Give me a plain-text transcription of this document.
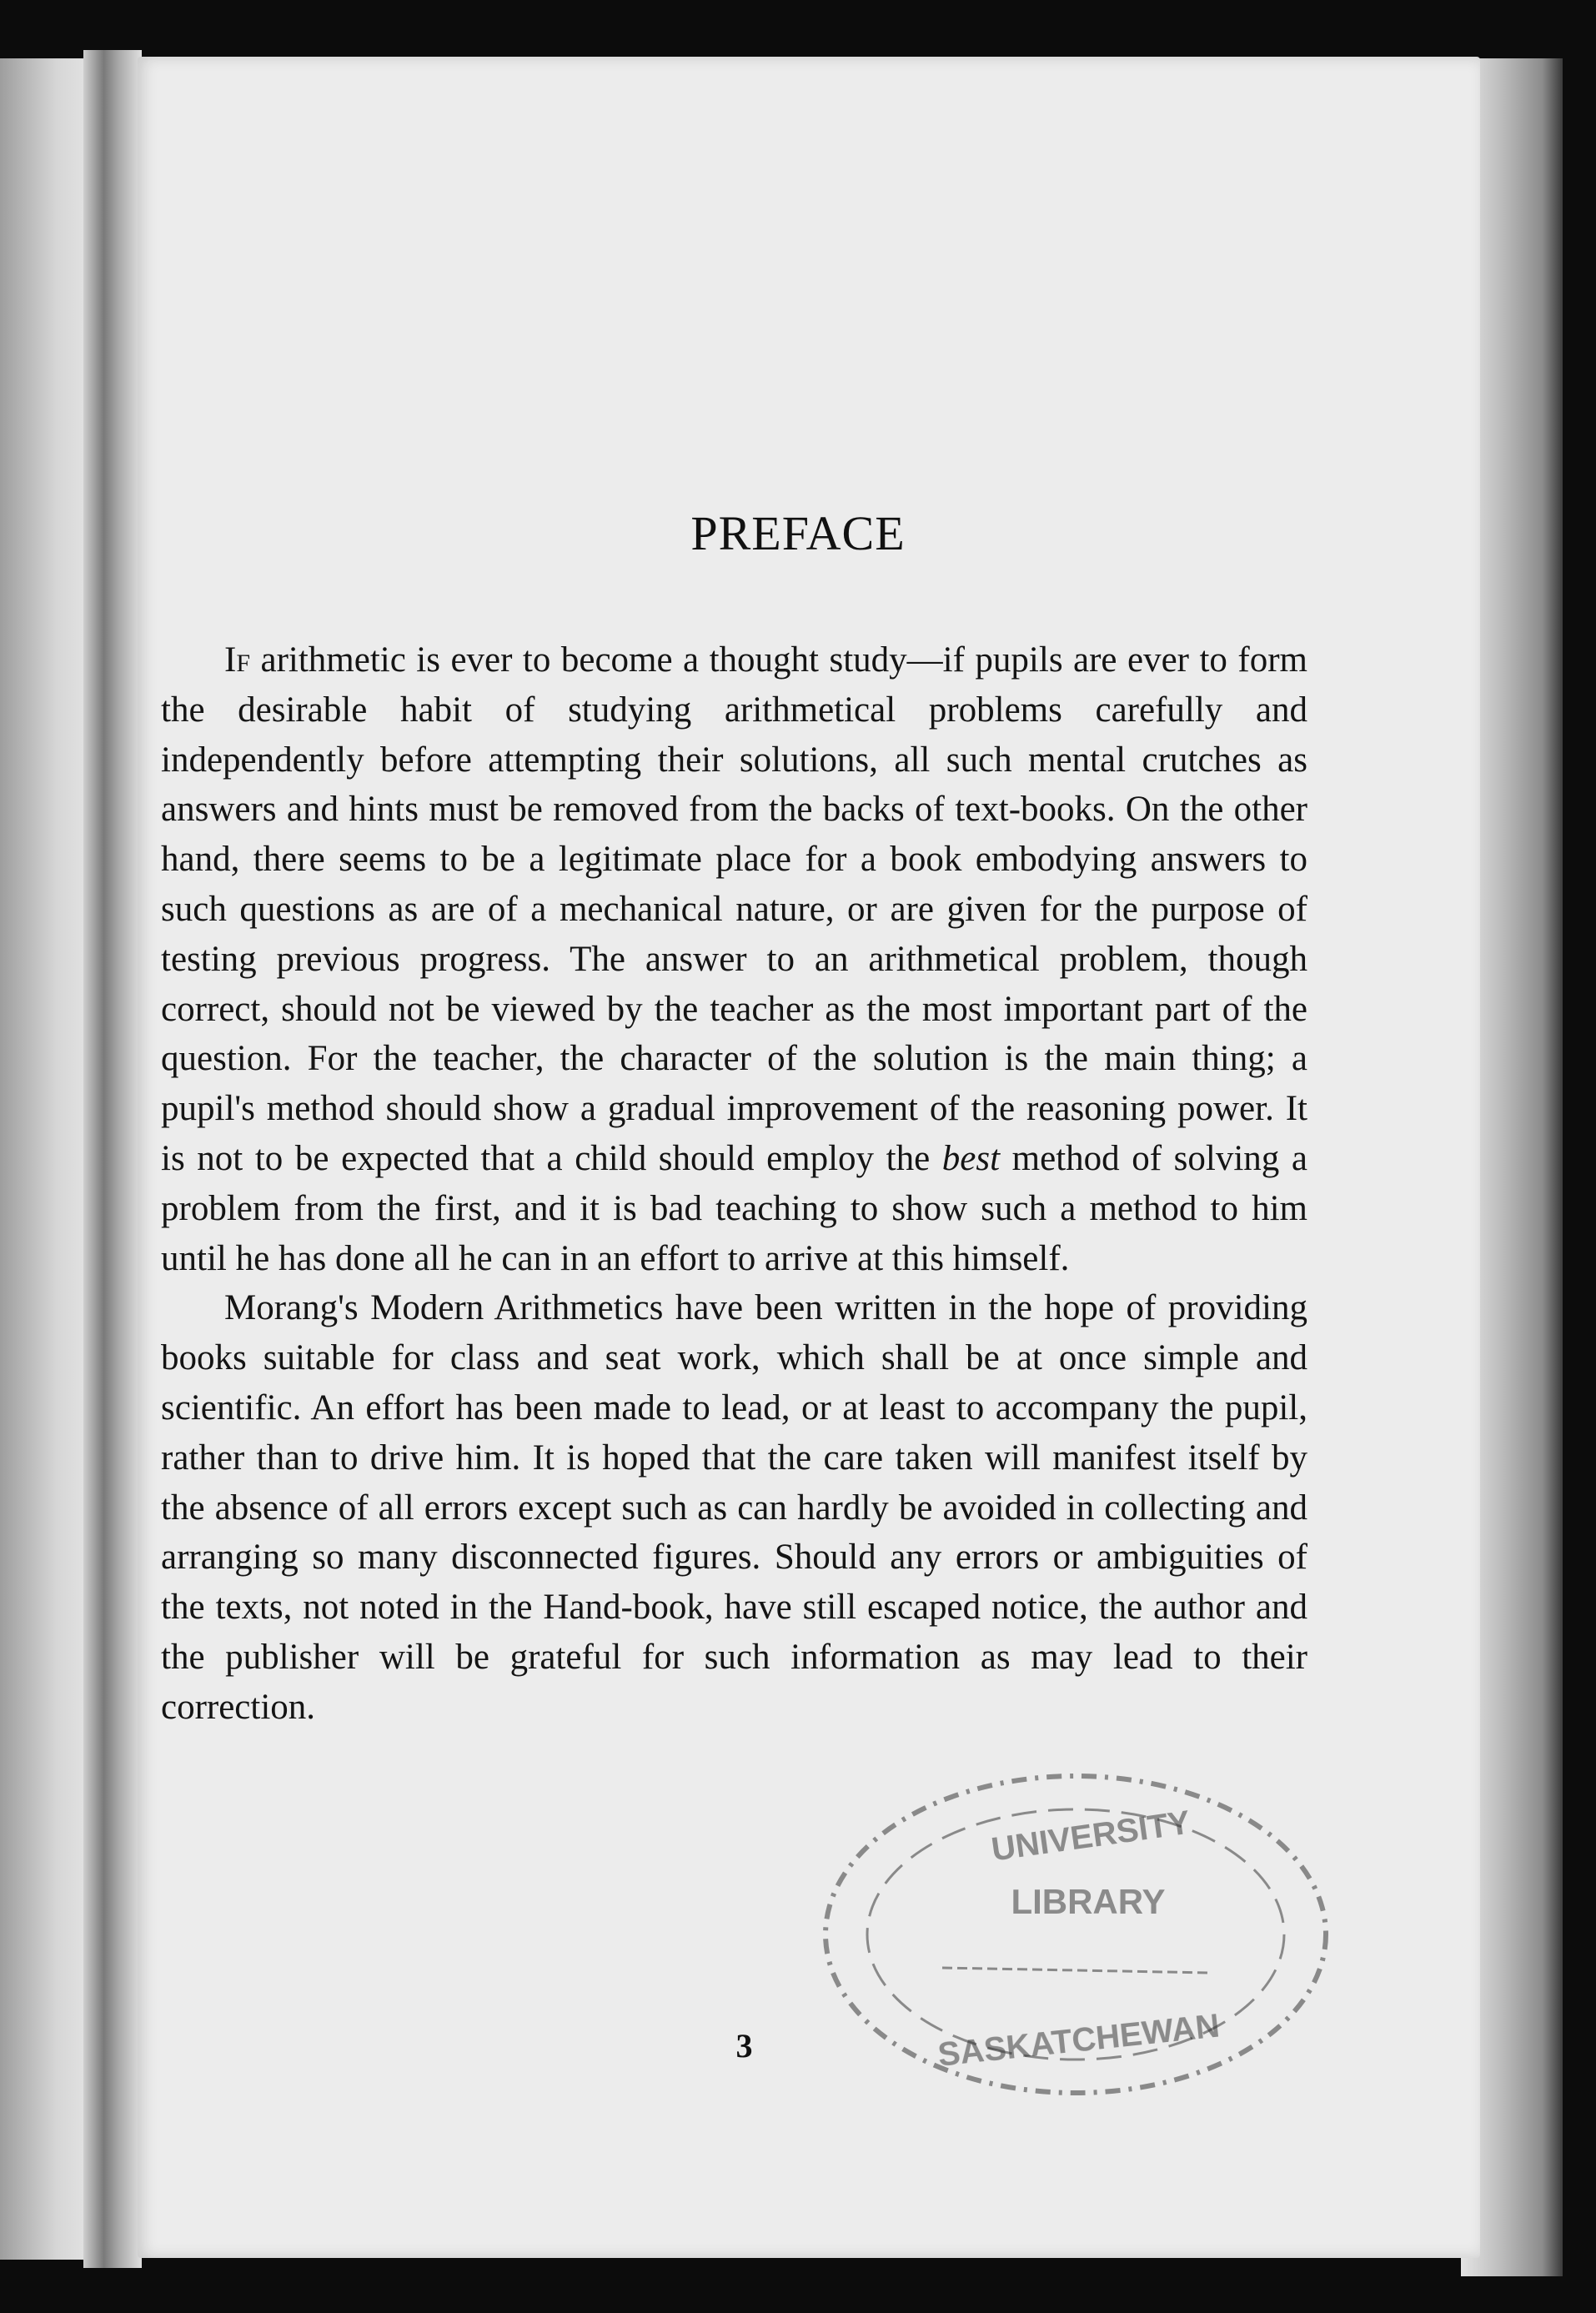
PREFACE

If arithmetic is ever to become a thought study—if pupils are ever to form the desirable habit of studying arithmetical problems carefully and independently before attempting their solutions, all such mental crutches as answers and hints must be removed from the backs of text-books. On the other hand, there seems to be a legitimate place for a book embodying answers to such questions as are of a mechanical nature, or are given for the purpose of testing previous progress. The answer to an arithmetical problem, though correct, should not be viewed by the teacher as the most important part of the question. For the teacher, the character of the solution is the main thing; a pupil's method should show a gradual improvement of the reasoning power. It is not to be expected that a child should employ the best method of solving a problem from the first, and it is bad teaching to show such a method to him until he has done all he can in an effort to arrive at this himself.

Morang's Modern Arithmetics have been written in the hope of providing books suitable for class and seat work, which shall be at once simple and scientific. An effort has been made to lead, or at least to accompany the pupil, rather than to drive him. It is hoped that the care taken will manifest itself by the absence of all errors except such as can hardly be avoided in collecting and arranging so many disconnected figures. Should any errors or ambiguities of the texts, not noted in the Hand-book, have still escaped notice, the author and the publisher will be grateful for such information as may lead to their correction.

3

UNIVERSITY
LIBRARY
SASKATCHEWAN
